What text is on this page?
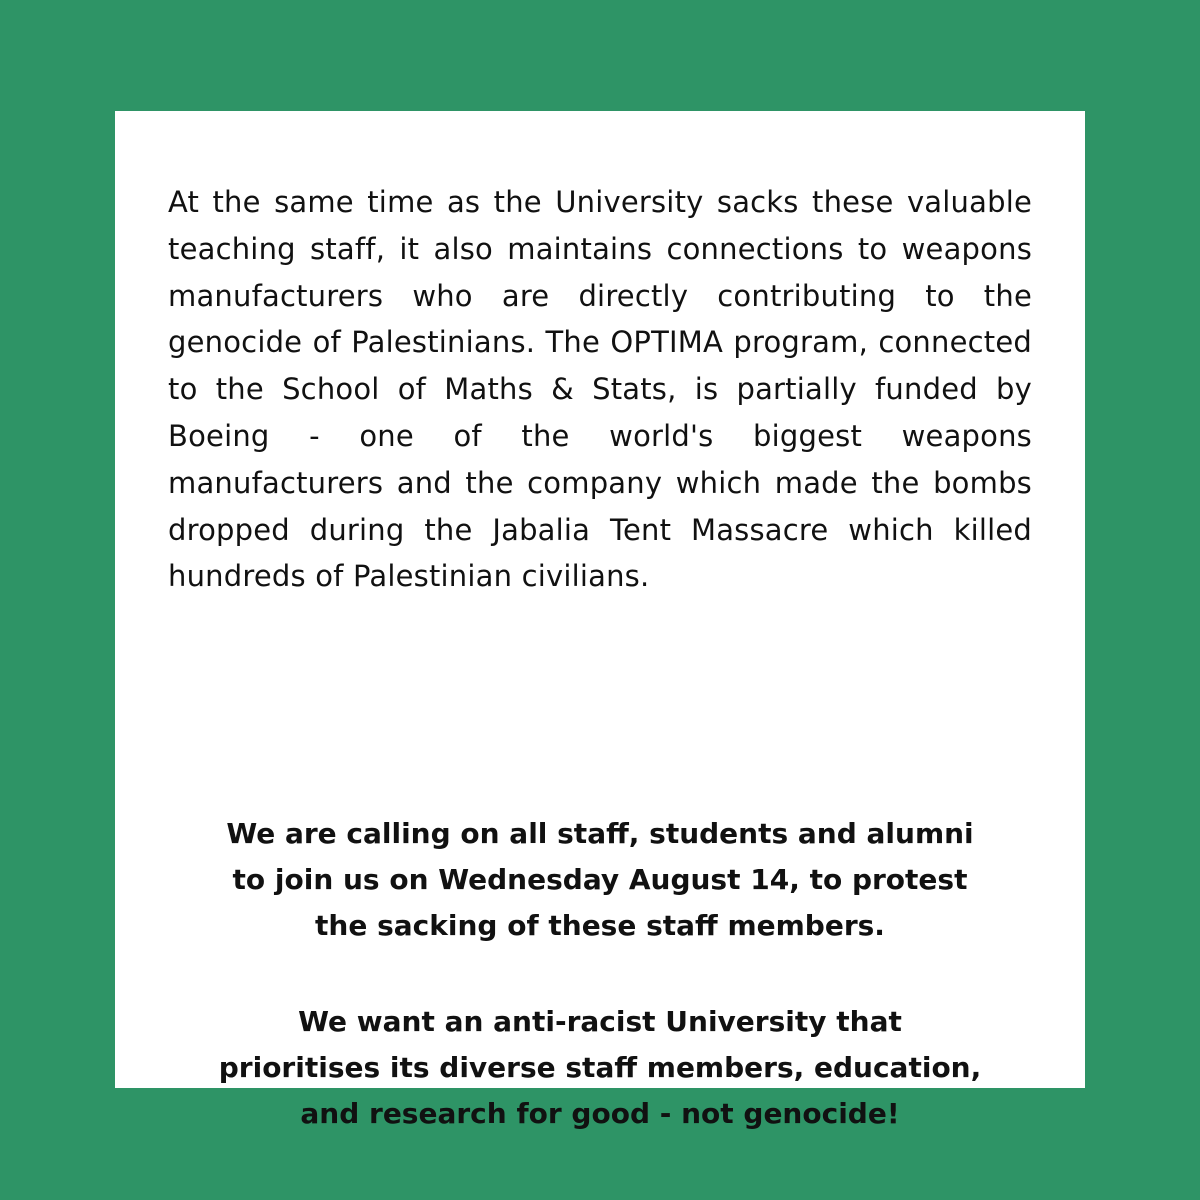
At the same time as the University sacks these valuable teaching staff, it also maintains connections to weapons manufacturers who are directly contributing to the genocide of Palestinians. The OPTIMA program, connected to the School of Maths & Stats, is partially funded by Boeing - one of the world's biggest weapons manufacturers and the company which made the bombs dropped during the Jabalia Tent Massacre which killed hundreds of Palestinian civilians.

We are calling on all staff, students and alumni
to join us on Wednesday August 14, to protest
the sacking of these staff members.

We want an anti-racist University that
prioritises its diverse staff members, education,
and research for good - not genocide!
